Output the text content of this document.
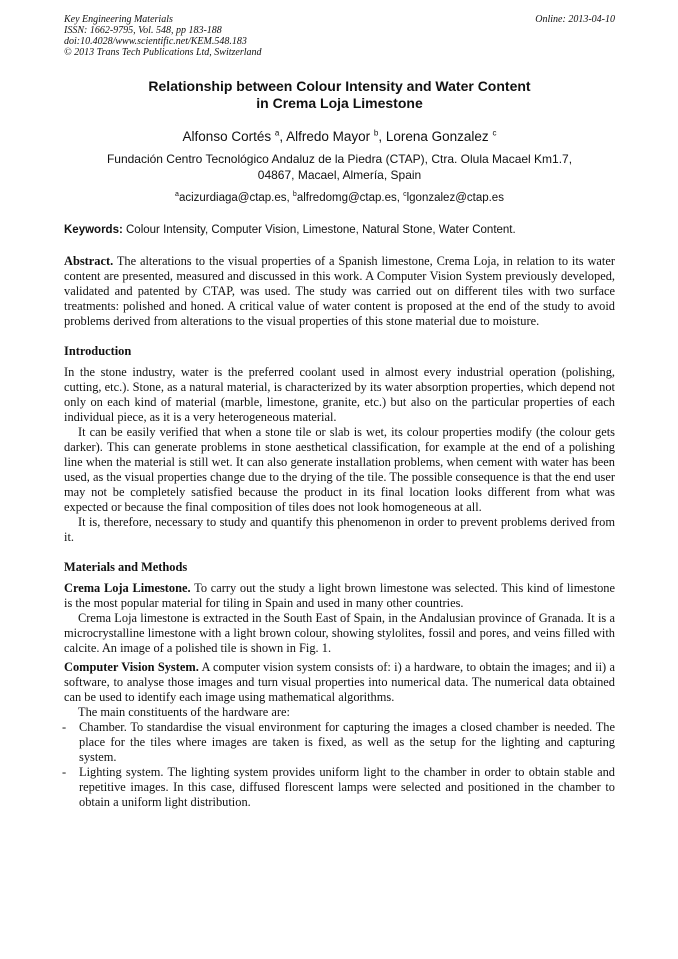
Key Engineering Materials
ISSN: 1662-9795, Vol. 548, pp 183-188
doi:10.4028/www.scientific.net/KEM.548.183
© 2013 Trans Tech Publications Ltd, Switzerland
Online: 2013-04-10
Relationship between Colour Intensity and Water Content
in Crema Loja Limestone
Alfonso Cortés $^a$, Alfredo Mayor $^b$, Lorena Gonzalez $^c$
Fundación Centro Tecnológico Andaluz de la Piedra (CTAP), Ctra. Olula Macael Km1.7,
04867, Macael, Almería, Spain
$^a$acizurdiaga@ctap.es, $^b$alfredomg@ctap.es, $^c$lgonzalez@ctap.es
Keywords: Colour Intensity, Computer Vision, Limestone, Natural Stone, Water Content.

Abstract. The alterations to the visual properties of a Spanish limestone, Crema Loja, in relation to its water content are presented, measured and discussed in this work. A Computer Vision System previously developed, validated and patented by CTAP, was used. The study was carried out on different tiles with two surface treatments: polished and honed. A critical value of water content is proposed at the end of the study to avoid problems derived from alterations to the visual properties of this stone material due to moisture.

Introduction

In the stone industry, water is the preferred coolant used in almost every industrial operation (polishing, cutting, etc.). Stone, as a natural material, is characterized by its water absorption properties, which depend not only on each kind of material (marble, limestone, granite, etc.) but also on the particular properties of each individual piece, as it is a very heterogeneous material.

It can be easily verified that when a stone tile or slab is wet, its colour properties modify (the colour gets darker). This can generate problems in stone aesthetical classification, for example at the end of a polishing line when the material is still wet. It can also generate installation problems, when cement with water has been used, as the visual properties change due to the drying of the tile. The possible consequence is that the end user may not be completely satisfied because the product in its final location looks different from what was expected or because the final composition of tiles does not look homogeneous at all.

It is, therefore, necessary to study and quantify this phenomenon in order to prevent problems derived from it.

Materials and Methods

Crema Loja Limestone. To carry out the study a light brown limestone was selected. This kind of limestone is the most popular material for tiling in Spain and used in many other countries.

Crema Loja limestone is extracted in the South East of Spain, in the Andalusian province of Granada. It is a microcrystalline limestone with a light brown colour, showing stylolites, fossil and pores, and veins filled with calcite. An image of a polished tile is shown in Fig. 1.

Computer Vision System. A computer vision system consists of: i) a hardware, to obtain the images; and ii) a software, to analyse those images and turn visual properties into numerical data. The numerical data obtained can be used to identify each image using mathematical algorithms.

The main constituents of the hardware are:

- Chamber. To standardise the visual environment for capturing the images a closed chamber is needed. The place for the tiles where images are taken is fixed, as well as the setup for the lighting and capturing system.
- Lighting system. The lighting system provides uniform light to the chamber in order to obtain stable and repetitive images. In this case, diffused florescent lamps were selected and positioned in the chamber to obtain a uniform light distribution.
